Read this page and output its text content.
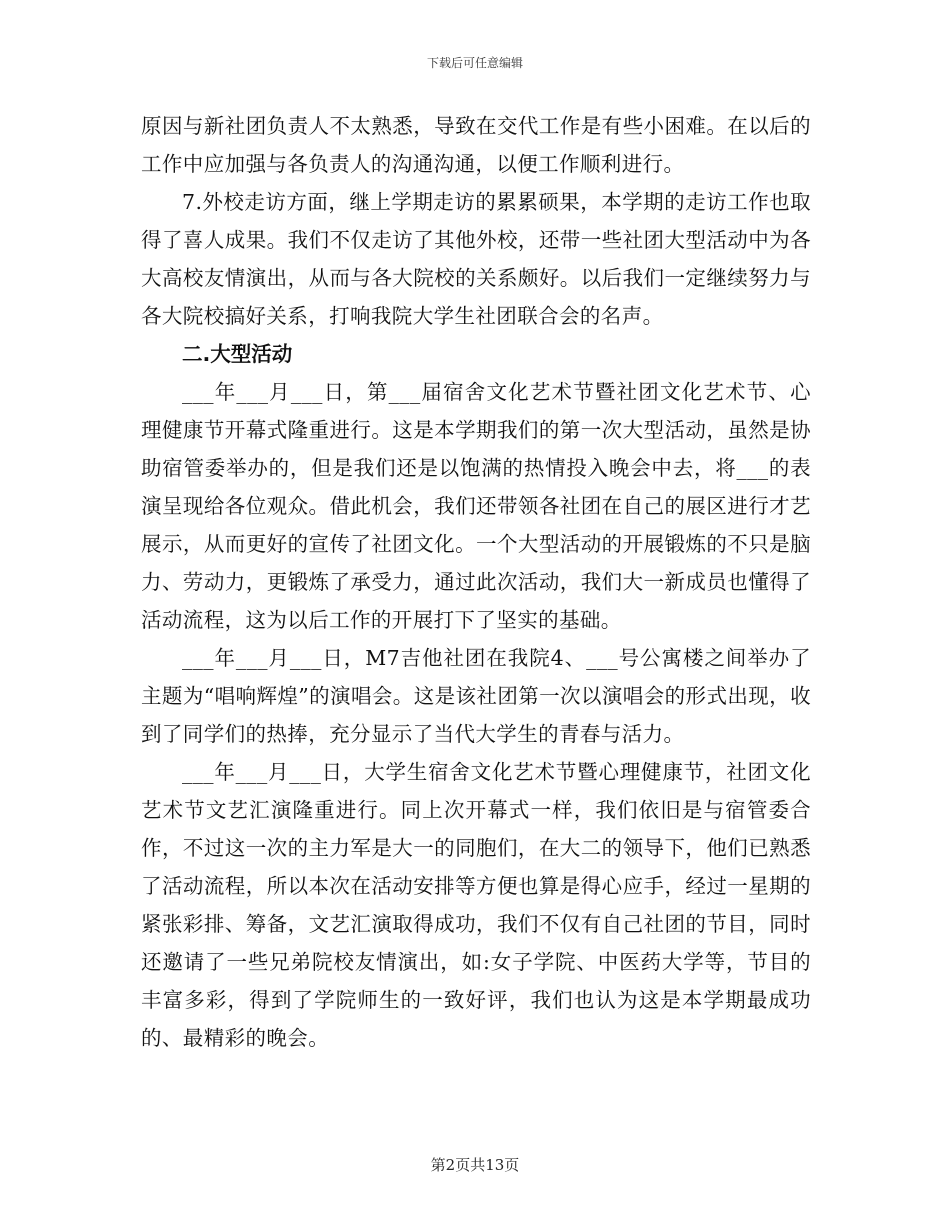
下载后可任意编辑

原因与新社团负责人不太熟悉，导致在交代工作是有些小困难。在以后的工作中应加强与各负责人的沟通沟通，以便工作顺利进行。

7.外校走访方面，继上学期走访的累累硕果，本学期的走访工作也取得了喜人成果。我们不仅走访了其他外校，还带一些社团大型活动中为各大高校友情演出，从而与各大院校的关系颇好。以后我们一定继续努力与各大院校搞好关系，打响我院大学生社团联合会的名声。

二.大型活动

___年___月___日，第___届宿舍文化艺术节暨社团文化艺术节、心理健康节开幕式隆重进行。这是本学期我们的第一次大型活动，虽然是协助宿管委举办的，但是我们还是以饱满的热情投入晚会中去，将___的表演呈现给各位观众。借此机会，我们还带领各社团在自己的展区进行才艺展示，从而更好的宣传了社团文化。一个大型活动的开展锻炼的不只是脑力、劳动力，更锻炼了承受力，通过此次活动，我们大一新成员也懂得了活动流程，这为以后工作的开展打下了坚实的基础。

___年___月___日，M7吉他社团在我院4、___号公寓楼之间举办了主题为“唱响辉煌”的演唱会。这是该社团第一次以演唱会的形式出现，收到了同学们的热捧，充分显示了当代大学生的青春与活力。

___年___月___日，大学生宿舍文化艺术节暨心理健康节，社团文化艺术节文艺汇演隆重进行。同上次开幕式一样，我们依旧是与宿管委合作，不过这一次的主力军是大一的同胞们，在大二的领导下，他们已熟悉了活动流程，所以本次在活动安排等方便也算是得心应手，经过一星期的紧张彩排、筹备，文艺汇演取得成功，我们不仅有自己社团的节目，同时还邀请了一些兄弟院校友情演出，如:女子学院、中医药大学等，节目的丰富多彩，得到了学院师生的一致好评，我们也认为这是本学期最成功的、最精彩的晚会。

第2页共13页
